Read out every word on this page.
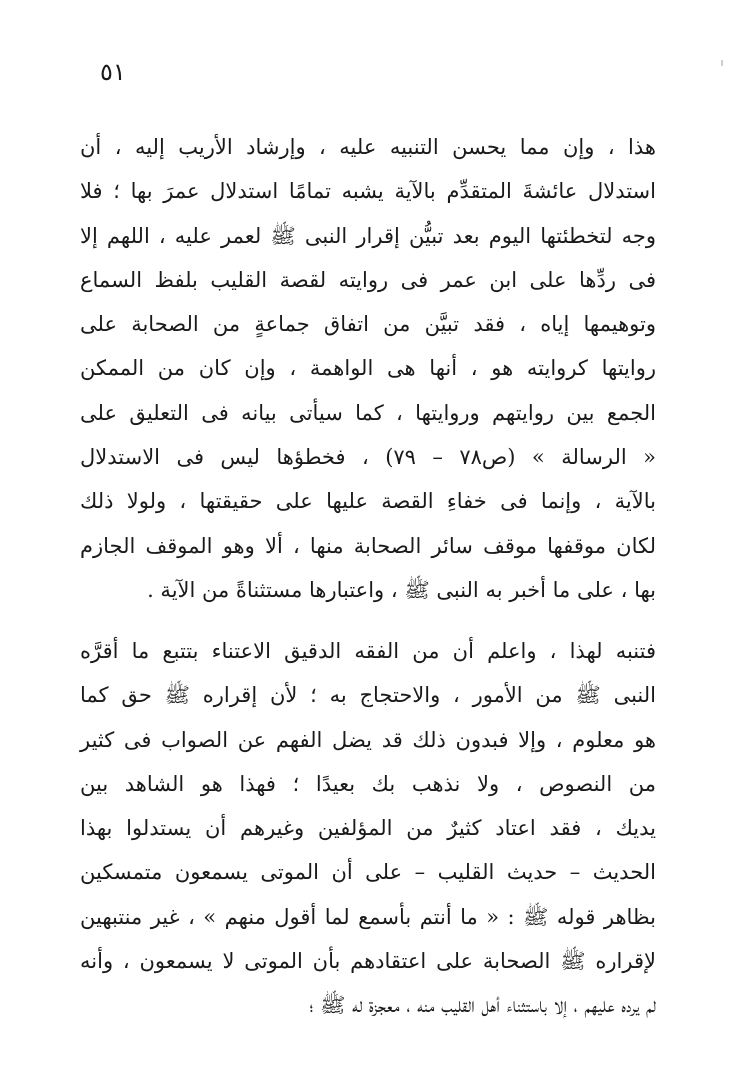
٥١
هذا ، وإن مما يحسن التنبيه عليه ، وإرشاد الأريب إليه ، أن
استدلال عائشةَ المتقدِّم بالآية يشبه تمامًا استدلال عمرَ بها ؛ فلا
وجه لتخطئتها اليوم بعد تبيُّن إقرار النبى ﷺ لعمر عليه ، اللهم إلا
فى ردِّها على ابن عمر فى روايته لقصة القليب بلفظ السماع
وتوهيمها إياه ، فقد تبيَّن من اتفاق جماعةٍ من الصحابة على
روايتها كروايته هو ، أنها هى الواهمة ، وإن كان من الممكن
الجمع بين روايتهم وروايتها ، كما سيأتى بيانه فى التعليق على
« الرسالة » (ص٧٨ – ٧٩) ، فخطؤها ليس فى الاستدلال
بالآية ، وإنما فى خفاءِ القصة عليها على حقيقتها ، ولولا ذلك
لكان موقفها موقف سائر الصحابة منها ، ألا وهو الموقف الجازم
بها ، على ما أخبر به النبى ﷺ ، واعتبارها مستثناةً من الآية .
فتنبه لهذا ، واعلم أن من الفقه الدقيق الاعتناء بتتبع ما أقرَّه
النبى ﷺ من الأمور ، والاحتجاج به ؛ لأن إقراره ﷺ حق كما
هو معلوم ، وإلا فبدون ذلك قد يضل الفهم عن الصواب فى كثير
من النصوص ، ولا نذهب بك بعيدًا ؛ فهذا هو الشاهد بين
يديك ، فقد اعتاد كثيرٌ من المؤلفين وغيرهم أن يستدلوا بهذا
الحديث – حديث القليب – على أن الموتى يسمعون متمسكين
بظاهر قوله ﷺ : « ما أنتم بأسمع لما أقول منهم » ، غير منتبهين
لإقراره ﷺ الصحابة على اعتقادهم بأن الموتى لا يسمعون ، وأنه
لم يرده عليهم ، إلا باستثناء أهل القليب منه ، معجزة له ﷺ ؛
